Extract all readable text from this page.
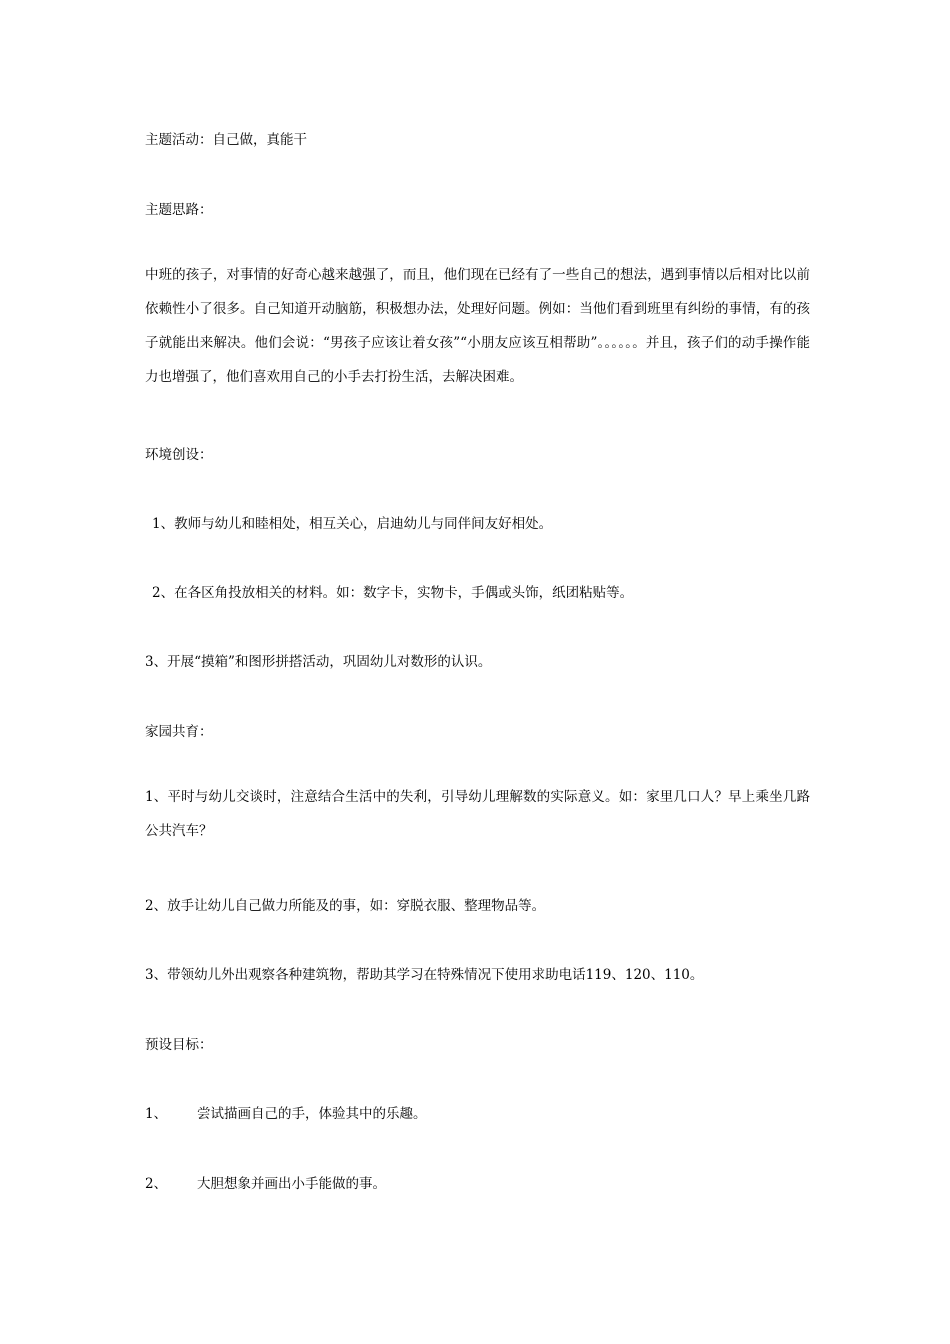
主题活动：自己做，真能干
主题思路：
中班的孩子，对事情的好奇心越来越强了，而且，他们现在已经有了一些自己的想法，遇到事情以后相对比以前依赖性小了很多。自己知道开动脑筋，积极想办法，处理好问题。例如：当他们看到班里有纠纷的事情，有的孩子就能出来解决。他们会说：“男孩子应该让着女孩”“小朋友应该互相帮助”。。。。。。并且，孩子们的动手操作能力也增强了，他们喜欢用自己的小手去打扮生活，去解决困难。
环境创设：
1、教师与幼儿和睦相处，相互关心，启迪幼儿与同伴间友好相处。
2、在各区角投放相关的材料。如：数字卡，实物卡，手偶或头饰，纸团粘贴等。
3、开展“摸箱”和图形拼搭活动，巩固幼儿对数形的认识。
家园共育：
1、平时与幼儿交谈时，注意结合生活中的失利，引导幼儿理解数的实际意义。如：家里几口人？早上乘坐几路公共汽车？
2、放手让幼儿自己做力所能及的事，如：穿脱衣服、整理物品等。
3、带领幼儿外出观察各种建筑物，帮助其学习在特殊情况下使用求助电话119、120、110。
预设目标：
1、 尝试描画自己的手，体验其中的乐趣。
2、 大胆想象并画出小手能做的事。
